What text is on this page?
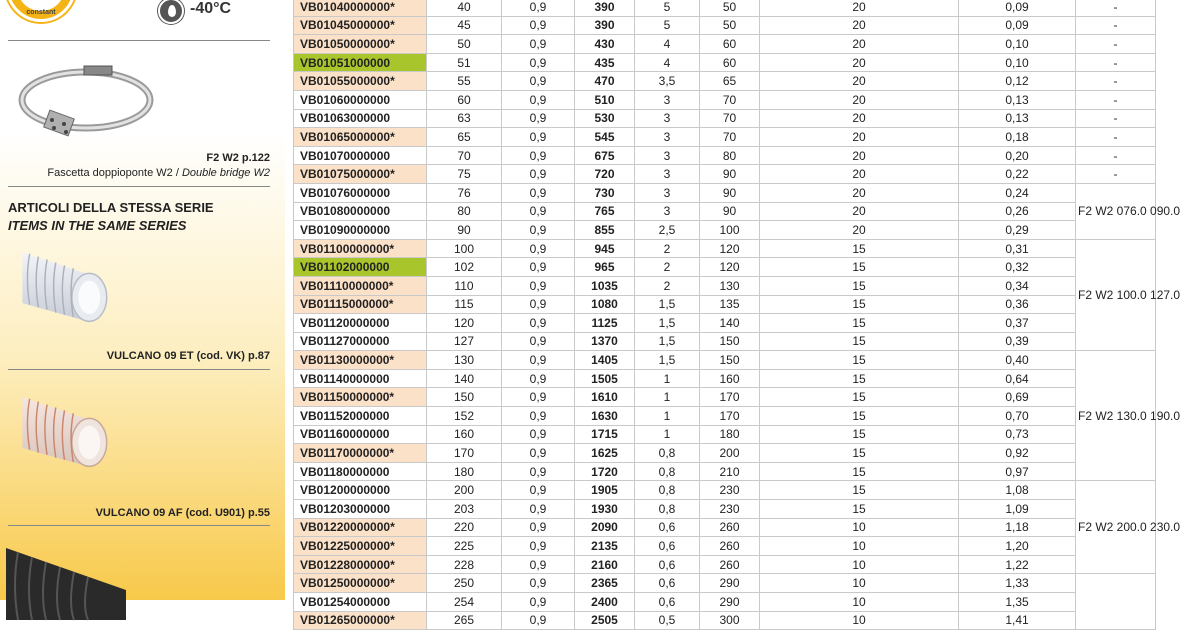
constant	-40°C
F2 W2 p.122
Fascetta doppioponte W2 / Double bridge W2
ARTICOLI DELLA STESSA SERIE
ITEMS IN THE SAME SERIES
VULCANO 09 ET (cod. VK) p.87
VULCANO 09 AF (cod. U901) p.55
VB01040000000*	40	0,9	390	5	50	20	0,09	-
VB01045000000*	45	0,9	390	5	50	20	0,09	-
VB01050000000*	50	0,9	430	4	60	20	0,10	-
VB01051000000	51	0,9	435	4	60	20	0,10	-
VB01055000000*	55	0,9	470	3,5	65	20	0,12	-
VB01060000000	60	0,9	510	3	70	20	0,13	-
VB01063000000	63	0,9	530	3	70	20	0,13	-
VB01065000000*	65	0,9	545	3	70	20	0,18	-
VB01070000000	70	0,9	675	3	80	20	0,20	-
VB01075000000*	75	0,9	720	3	90	20	0,22	-
VB01076000000	76	0,9	730	3	90	20	0,24	F2 W2 076.0 090.0
VB01080000000	80	0,9	765	3	90	20	0,26	
VB01090000000	90	0,9	855	2,5	100	20	0,29	
VB01100000000*	100	0,9	945	2	120	15	0,31	F2 W2 100.0 127.0
VB01102000000	102	0,9	965	2	120	15	0,32	
VB01110000000*	110	0,9	1035	2	130	15	0,34	
VB01115000000*	115	0,9	1080	1,5	135	15	0,36	
VB01120000000	120	0,9	1125	1,5	140	15	0,37	
VB01127000000	127	0,9	1370	1,5	150	15	0,39	
VB01130000000*	130	0,9	1405	1,5	150	15	0,40	F2 W2 130.0 190.0
VB01140000000	140	0,9	1505	1	160	15	0,64	
VB01150000000*	150	0,9	1610	1	170	15	0,69	
VB01152000000	152	0,9	1630	1	170	15	0,70	
VB01160000000	160	0,9	1715	1	180	15	0,73	
VB01170000000*	170	0,9	1625	0,8	200	15	0,92	
VB01180000000	180	0,9	1720	0,8	210	15	0,97	
VB01200000000	200	0,9	1905	0,8	230	15	1,08	F2 W2 200.0 230.0
VB01203000000	203	0,9	1930	0,8	230	15	1,09	
VB01220000000*	220	0,9	2090	0,6	260	10	1,18	
VB01225000000*	225	0,9	2135	0,6	260	10	1,20	
VB01228000000*	228	0,9	2160	0,6	260	10	1,22	
VB01250000000*	250	0,9	2365	0,6	290	10	1,33	
VB01254000000	254	0,9	2400	0,6	290	10	1,35	
VB01265000000*	265	0,9	2505	0,5	300	10	1,41	
